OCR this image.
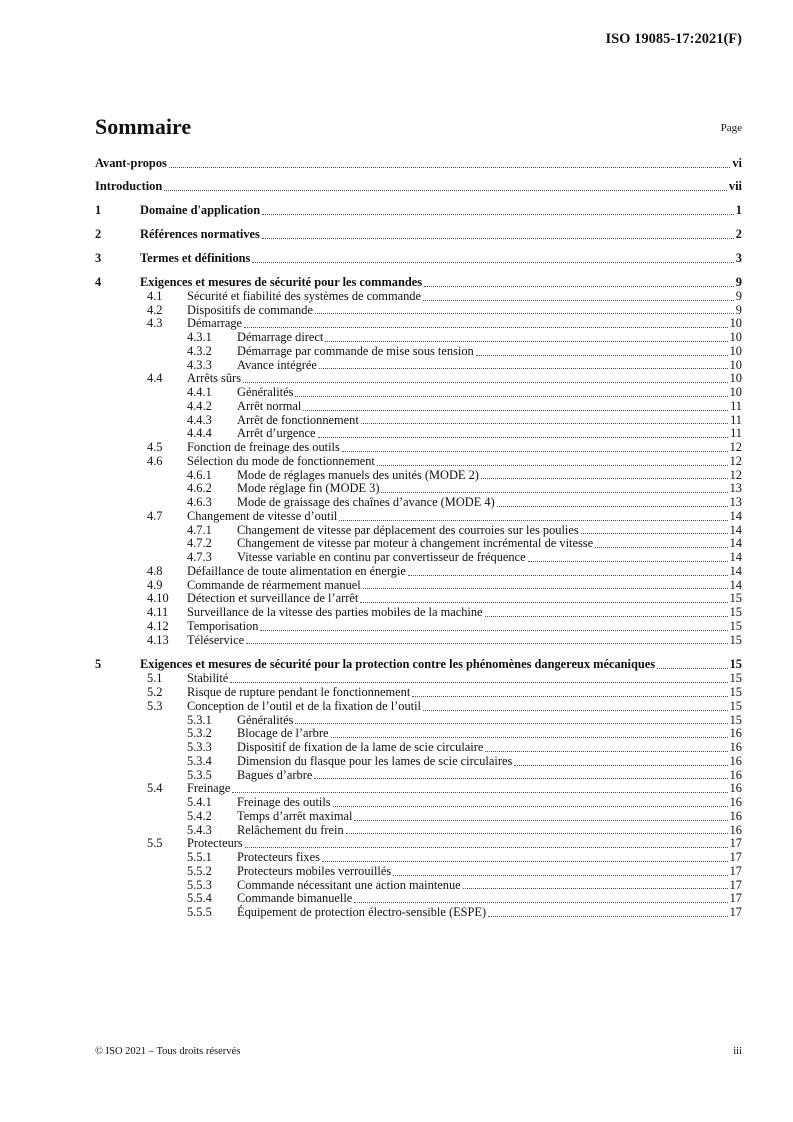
ISO 19085-17:2021(F)
Sommaire	Page
Avant-propos	vi
Introduction	vii
1	Domaine d'application	1
2	Références normatives	2
3	Termes et définitions	3
4	Exigences et mesures de sécurité pour les commandes	9
4.1	Sécurité et fiabilité des systèmes de commande	9
4.2	Dispositifs de commande	9
4.3	Démarrage	10
4.3.1	Démarrage direct	10
4.3.2	Démarrage par commande de mise sous tension	10
4.3.3	Avance intégrée	10
4.4	Arrêts sûrs	10
4.4.1	Généralités	10
4.4.2	Arrêt normal	11
4.4.3	Arrêt de fonctionnement	11
4.4.4	Arrêt d’urgence	11
4.5	Fonction de freinage des outils	12
4.6	Sélection du mode de fonctionnement	12
4.6.1	Mode de réglages manuels des unités (MODE 2)	12
4.6.2	Mode réglage fin (MODE 3)	13
4.6.3	Mode de graissage des chaînes d’avance (MODE 4)	13
4.7	Changement de vitesse d’outil	14
4.7.1	Changement de vitesse par déplacement des courroies sur les poulies	14
4.7.2	Changement de vitesse par moteur à changement incrémental de vitesse	14
4.7.3	Vitesse variable en continu par convertisseur de fréquence	14
4.8	Défaillance de toute alimentation en énergie	14
4.9	Commande de réarmement manuel	14
4.10	Détection et surveillance de l’arrêt	15
4.11	Surveillance de la vitesse des parties mobiles de la machine	15
4.12	Temporisation	15
4.13	Téléservice	15
5	Exigences et mesures de sécurité pour la protection contre les phénomènes dangereux mécaniques	15
5.1	Stabilité	15
5.2	Risque de rupture pendant le fonctionnement	15
5.3	Conception de l’outil et de la fixation de l’outil	15
5.3.1	Généralités	15
5.3.2	Blocage de l’arbre	16
5.3.3	Dispositif de fixation de la lame de scie circulaire	16
5.3.4	Dimension du flasque pour les lames de scie circulaires	16
5.3.5	Bagues d’arbre	16
5.4	Freinage	16
5.4.1	Freinage des outils	16
5.4.2	Temps d’arrêt maximal	16
5.4.3	Relâchement du frein	16
5.5	Protecteurs	17
5.5.1	Protecteurs fixes	17
5.5.2	Protecteurs mobiles verrouillés	17
5.5.3	Commande nécessitant une action maintenue	17
5.5.4	Commande bimanuelle	17
5.5.5	Équipement de protection électro-sensible (ESPE)	17
© ISO 2021 – Tous droits réservés	iii
